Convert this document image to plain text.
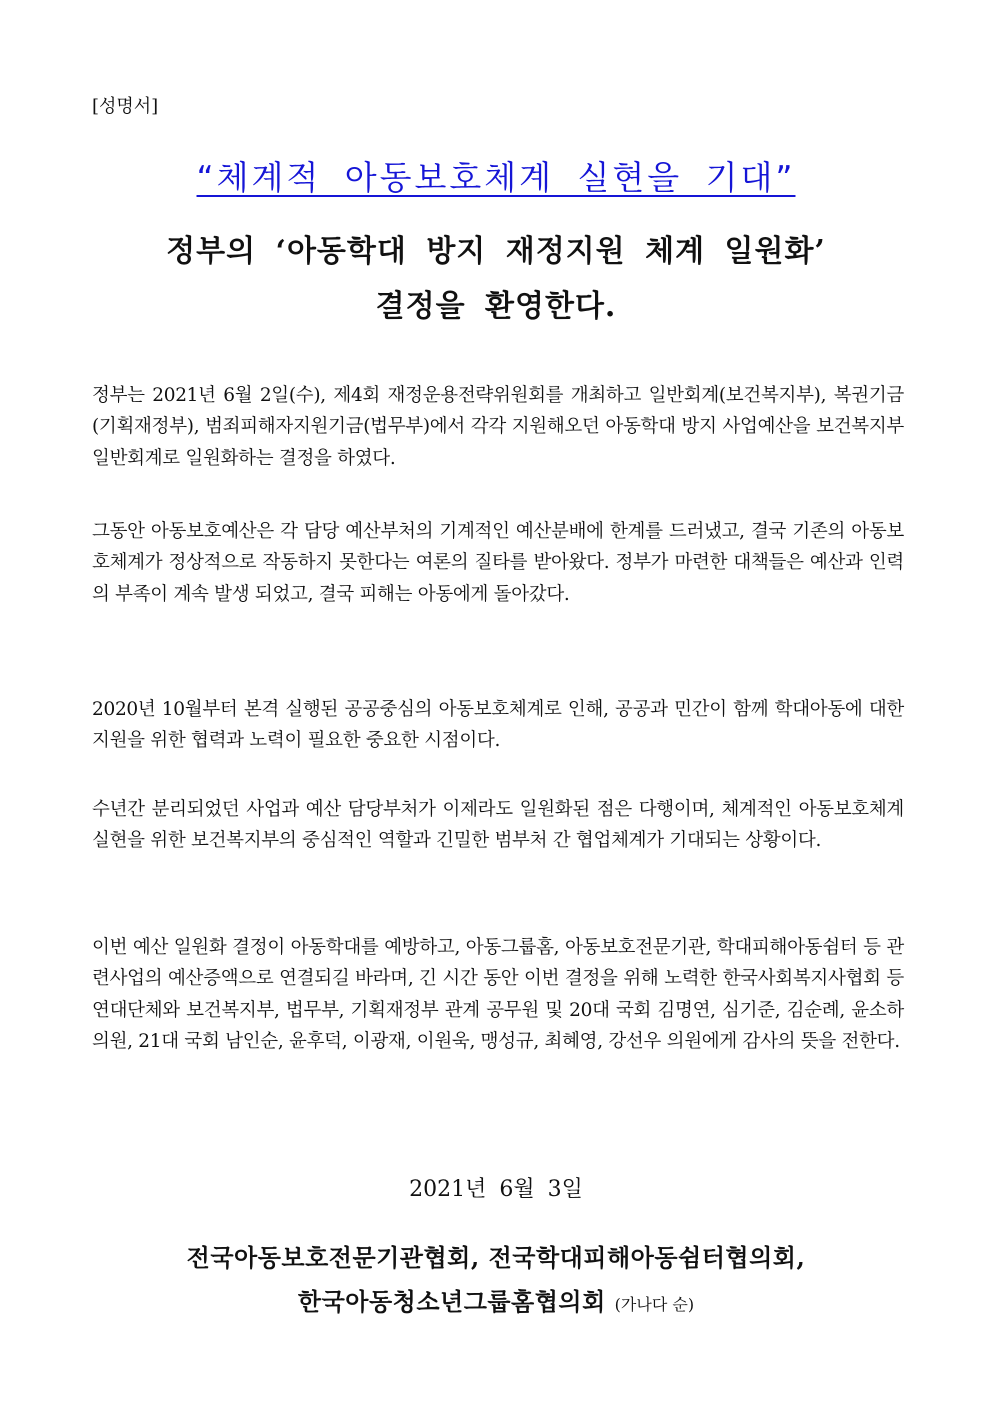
[성명서]
“체계적 아동보호체계 실현을 기대”
정부의 ‘아동학대 방지 재정지원 체계 일원화’
결정을 환영한다.

정부는 2021년 6월 2일(수), 제4회 재정운용전략위원회를 개최하고 일반회계(보건복지부), 복권기금(기획재정부), 범죄피해자지원기금(법무부)에서 각각 지원해오던 아동학대 방지 사업예산을 보건복지부 일반회계로 일원화하는 결정을 하였다.

그동안 아동보호예산은 각 담당 예산부처의 기계적인 예산분배에 한계를 드러냈고, 결국 기존의 아동보호체계가 정상적으로 작동하지 못한다는 여론의 질타를 받아왔다. 정부가 마련한 대책들은 예산과 인력의 부족이 계속 발생 되었고, 결국 피해는 아동에게 돌아갔다.

2020년 10월부터 본격 실행된 공공중심의 아동보호체계로 인해, 공공과 민간이 함께 학대아동에 대한 지원을 위한 협력과 노력이 필요한 중요한 시점이다.

수년간 분리되었던 사업과 예산 담당부처가 이제라도 일원화된 점은 다행이며, 체계적인 아동보호체계 실현을 위한 보건복지부의 중심적인 역할과 긴밀한 범부처 간 협업체계가 기대되는 상황이다.

이번 예산 일원화 결정이 아동학대를 예방하고, 아동그룹홈, 아동보호전문기관, 학대피해아동쉼터 등 관련사업의 예산증액으로 연결되길 바라며, 긴 시간 동안 이번 결정을 위해 노력한 한국사회복지사협회 등 연대단체와 보건복지부, 법무부, 기획재정부 관계 공무원 및 20대 국회 김명연, 심기준, 김순례, 윤소하 의원, 21대 국회 남인순, 윤후덕, 이광재, 이원욱, 맹성규, 최혜영, 강선우 의원에게 감사의 뜻을 전한다.

2021년 6월 3일
전국아동보호전문기관협회, 전국학대피해아동쉼터협의회,
한국아동청소년그룹홈협의회 (가나다 순)
